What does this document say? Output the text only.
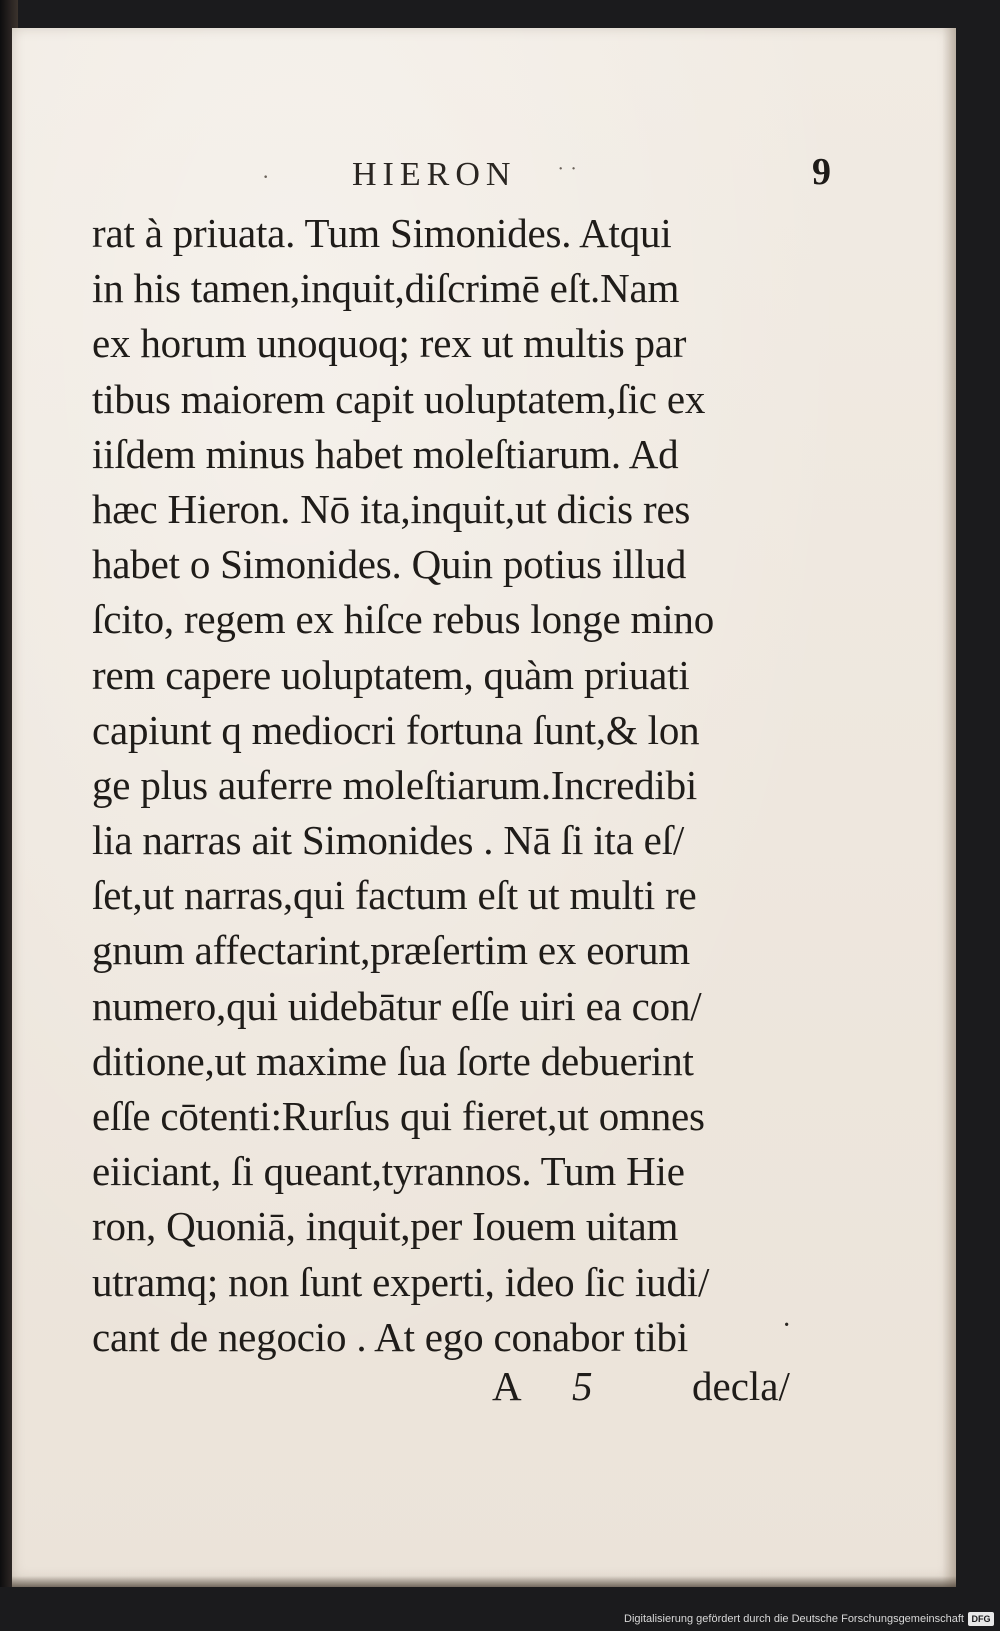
· HIERON ˙ ˙	9
rat à priuata. Tum Simonides. Atqui
in his tamen,inquit,diſcrimē eſt.Nam
ex horum unoquoq; rex ut multis par
tibus maiorem capit uoluptatem,ſic ex
iiſdem minus habet moleſtiarum. Ad
hæc Hieron. Nō ita,inquit,ut dicis res
habet o Simonides. Quin potius illud
ſcito, regem ex hiſce rebus longe mino
rem capere uoluptatem, quàm priuati
capiunt q mediocri fortuna ſunt,& lon
ge plus auferre moleſtiarum.Incredibi
lia narras ait Simonides . Nā ſi ita eſ/
ſet,ut narras,qui factum eſt ut multi re
gnum affectarint,præſertim ex eorum
numero,qui uidebātur eſſe uiri ea con/
ditione,ut maxime ſua ſorte debuerint
eſſe cōtenti:Rurſus qui fieret,ut omnes
eiiciant, ſi queant,tyrannos. Tum Hie
ron, Quoniā, inquit,per Iouem uitam
utramq; non ſunt experti, ideo ſic iudi/
cant de negocio . At ego conabor tibi	·
A 5 decla/
Digitalisierung gefördert durch die Deutsche Forschungsgemeinschaft DFG
